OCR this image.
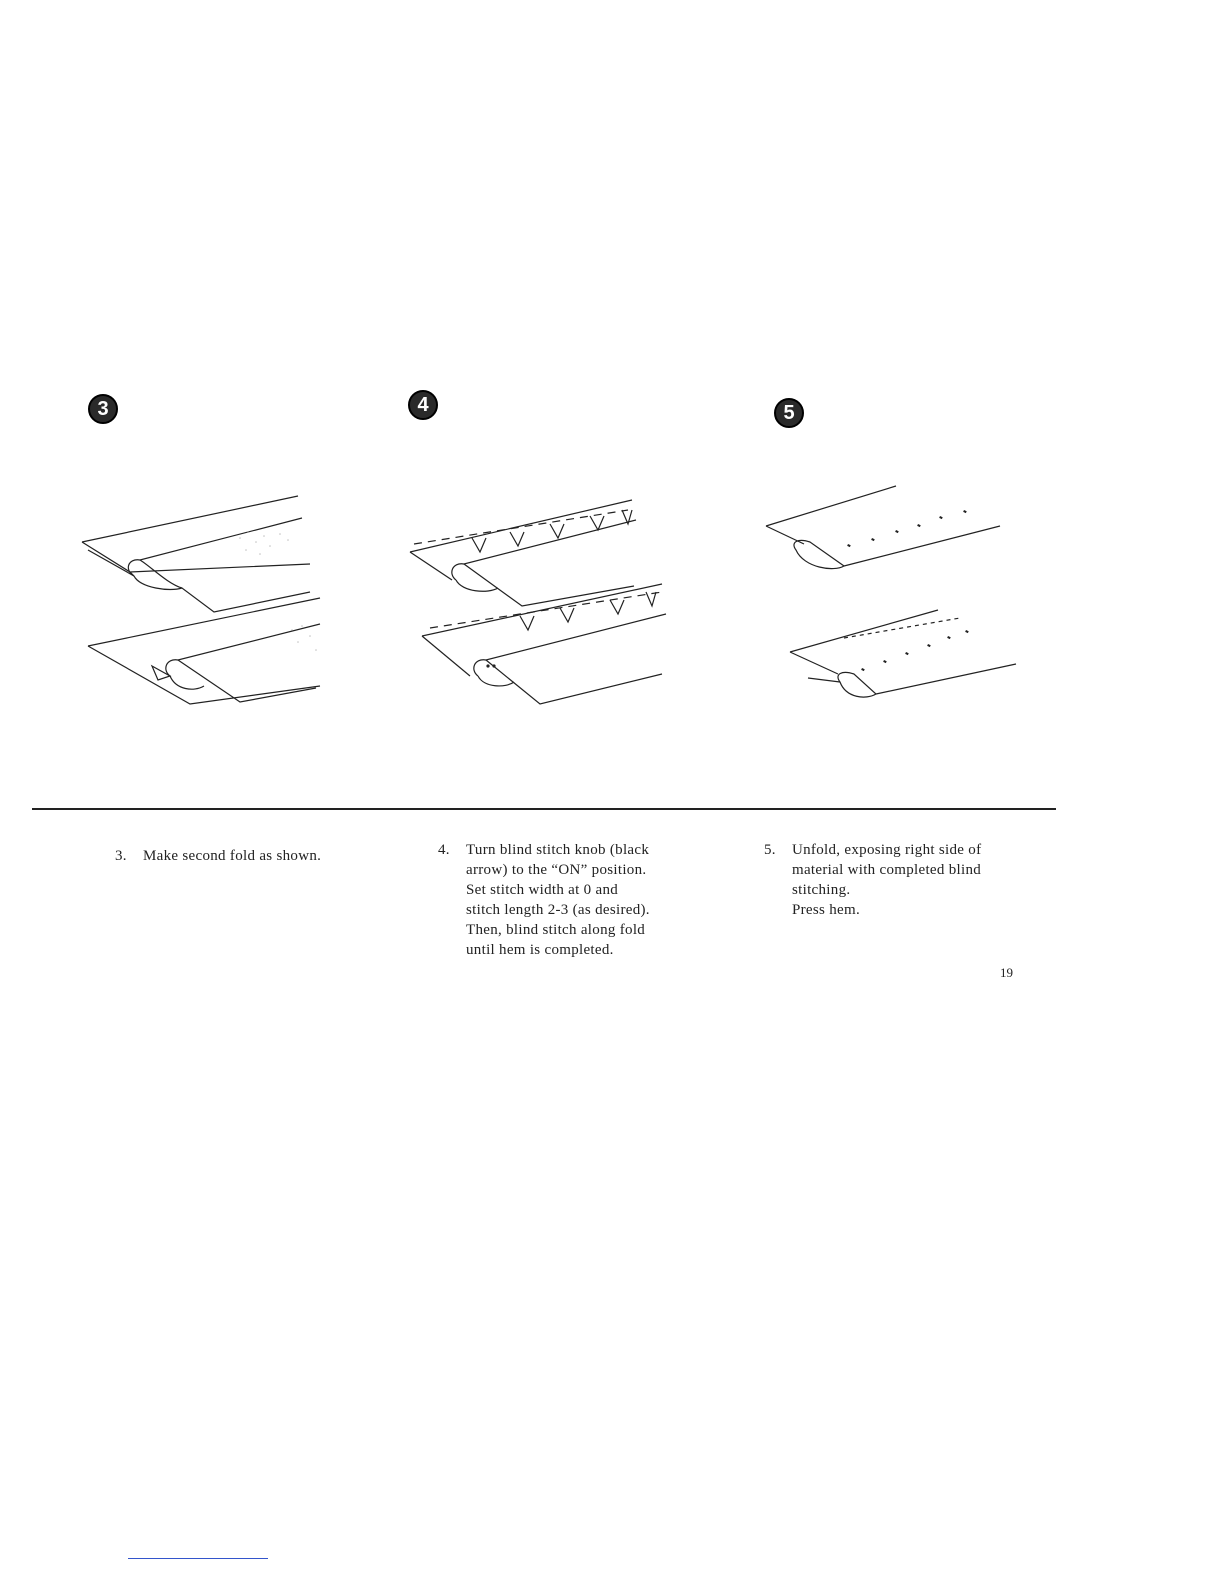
3	4	5
3. Make second fold as shown.	4. Turn blind stitch knob (black
arrow) to the “ON” position.
Set stitch width at 0 and
stitch length 2-3 (as desired).
Then, blind stitch along fold
until hem is completed.
5. Unfold, exposing right side of
material with completed blind
stitching.
Press hem.
19
